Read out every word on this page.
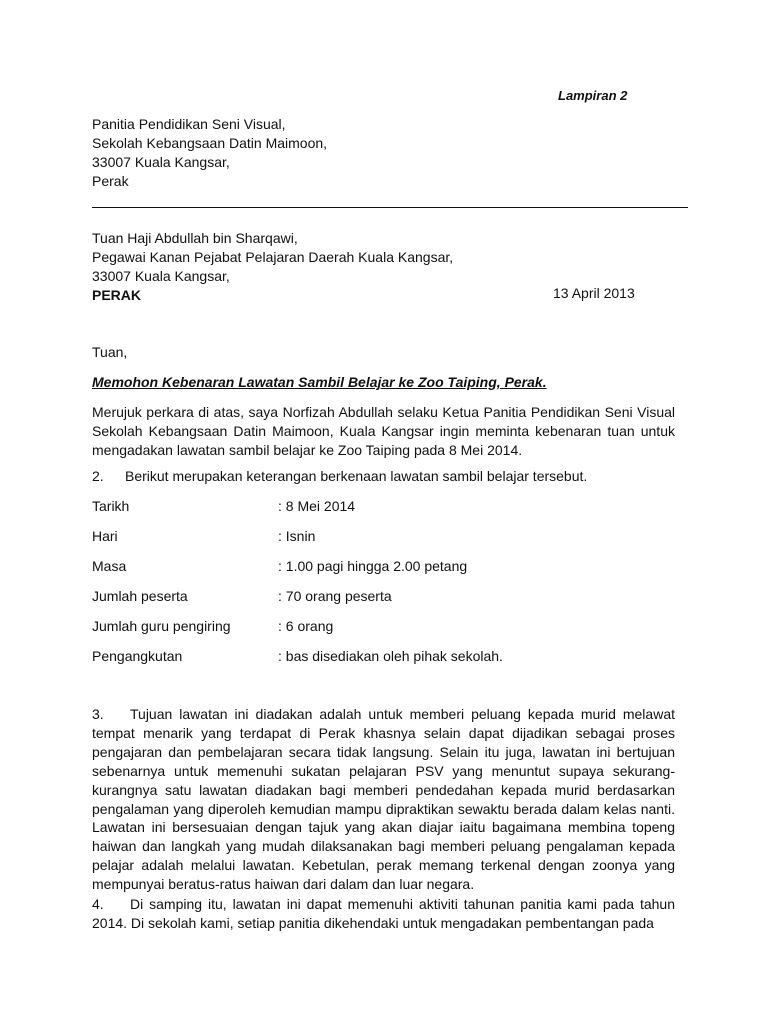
Lampiran 2
Panitia Pendidikan Seni Visual,
Sekolah Kebangsaan Datin Maimoon,
33007 Kuala Kangsar,
Perak
Tuan Haji Abdullah bin Sharqawi,
Pegawai Kanan Pejabat Pelajaran Daerah Kuala Kangsar,
33007 Kuala Kangsar,
PERAK	13 April 2013
Tuan,
Memohon Kebenaran Lawatan Sambil Belajar ke Zoo Taiping, Perak.
Merujuk perkara di atas, saya Norfizah Abdullah selaku Ketua Panitia Pendidikan Seni Visual Sekolah Kebangsaan Datin Maimoon, Kuala Kangsar ingin meminta kebenaran tuan untuk mengadakan lawatan sambil belajar ke Zoo Taiping pada 8 Mei 2014.
2. Berikut merupakan keterangan berkenaan lawatan sambil belajar tersebut.
Tarikh	: 8 Mei 2014
Hari	: Isnin
Masa	: 1.00 pagi hingga 2.00 petang
Jumlah peserta	: 70 orang peserta
Jumlah guru pengiring	: 6 orang
Pengangkutan	: bas disediakan oleh pihak sekolah.
3. Tujuan lawatan ini diadakan adalah untuk memberi peluang kepada murid melawat tempat menarik yang terdapat di Perak khasnya selain dapat dijadikan sebagai proses pengajaran dan pembelajaran secara tidak langsung. Selain itu juga, lawatan ini bertujuan sebenarnya untuk memenuhi sukatan pelajaran PSV yang menuntut supaya sekurang-kurangnya satu lawatan diadakan bagi memberi pendedahan kepada murid berdasarkan pengalaman yang diperoleh kemudian mampu dipraktikan sewaktu berada dalam kelas nanti. Lawatan ini bersesuaian dengan tajuk yang akan diajar iaitu bagaimana membina topeng haiwan dan langkah yang mudah dilaksanakan bagi memberi peluang pengalaman kepada pelajar adalah melalui lawatan. Kebetulan, perak memang terkenal dengan zoonya yang mempunyai beratus-ratus haiwan dari dalam dan luar negara.
4. Di samping itu, lawatan ini dapat memenuhi aktiviti tahunan panitia kami pada tahun 2014. Di sekolah kami, setiap panitia dikehendaki untuk mengadakan pembentangan pada
